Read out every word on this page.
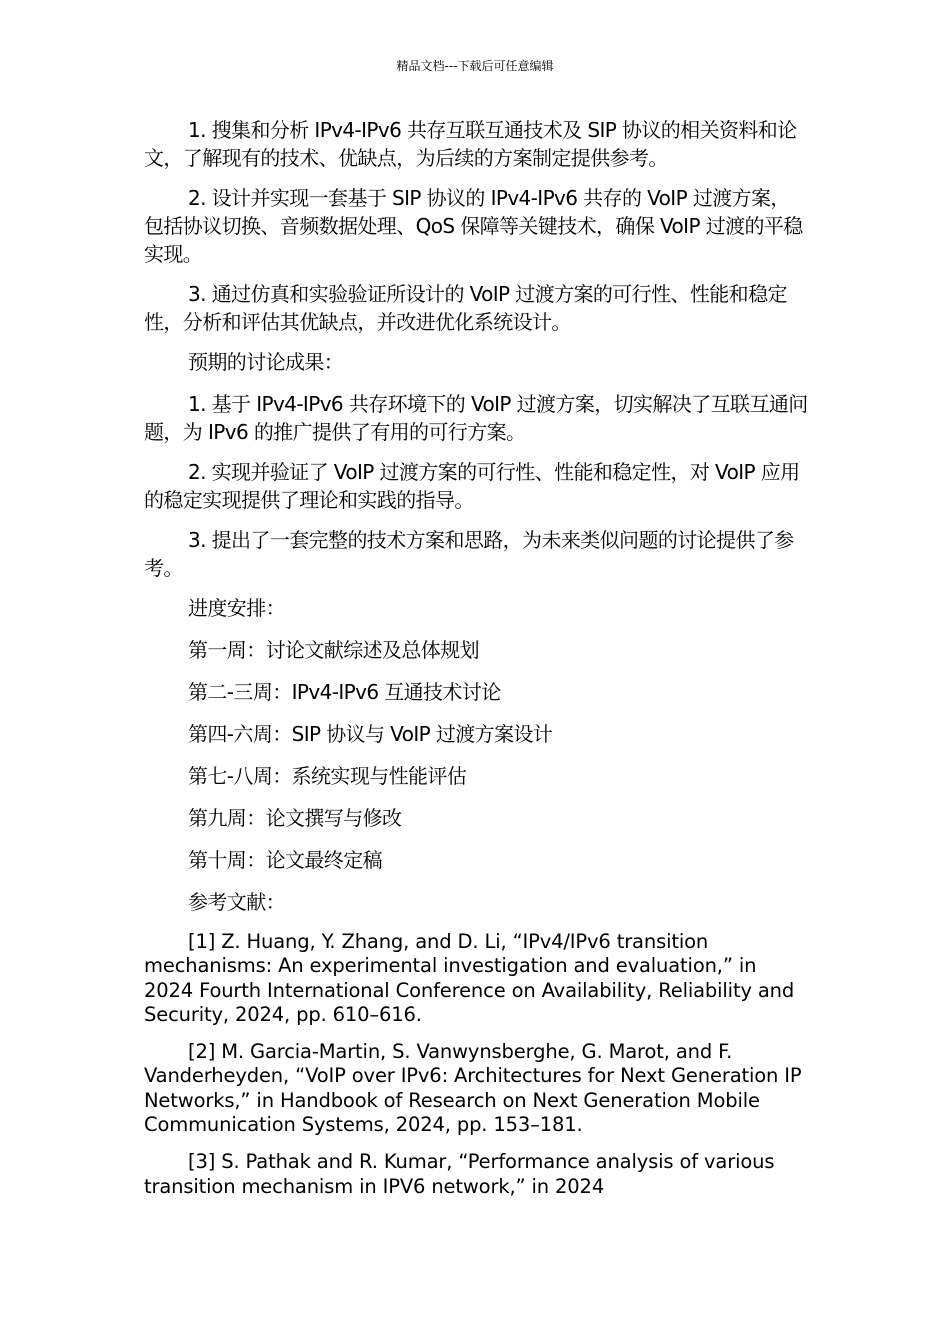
精品文档---下载后可任意编辑

1. 搜集和分析 IPv4-IPv6 共存互联互通技术及 SIP 协议的相关资料和论文，了解现有的技术、优缺点，为后续的方案制定提供参考。

2. 设计并实现一套基于 SIP 协议的 IPv4-IPv6 共存的 VoIP 过渡方案，包括协议切换、音频数据处理、QoS 保障等关键技术，确保 VoIP 过渡的平稳实现。

3. 通过仿真和实验验证所设计的 VoIP 过渡方案的可行性、性能和稳定性，分析和评估其优缺点，并改进优化系统设计。

预期的讨论成果：

1. 基于 IPv4-IPv6 共存环境下的 VoIP 过渡方案，切实解决了互联互通问题，为 IPv6 的推广提供了有用的可行方案。

2. 实现并验证了 VoIP 过渡方案的可行性、性能和稳定性，对 VoIP 应用的稳定实现提供了理论和实践的指导。

3. 提出了一套完整的技术方案和思路，为未来类似问题的讨论提供了参考。

进度安排：

第一周：讨论文献综述及总体规划

第二-三周：IPv4-IPv6 互通技术讨论

第四-六周：SIP 协议与 VoIP 过渡方案设计

第七-八周：系统实现与性能评估

第九周：论文撰写与修改

第十周：论文最终定稿

参考文献：

[1] Z. Huang, Y. Zhang, and D. Li, “IPv4/IPv6 transition mechanisms: An experimental investigation and evaluation,” in 2024 Fourth International Conference on Availability, Reliability and Security, 2024, pp. 610–616.

[2] M. Garcia-Martin, S. Vanwynsberghe, G. Marot, and F. Vanderheyden, “VoIP over IPv6: Architectures for Next Generation IP Networks,” in Handbook of Research on Next Generation Mobile Communication Systems, 2024, pp. 153–181.

[3] S. Pathak and R. Kumar, “Performance analysis of various transition mechanism in IPV6 network,” in 2024
